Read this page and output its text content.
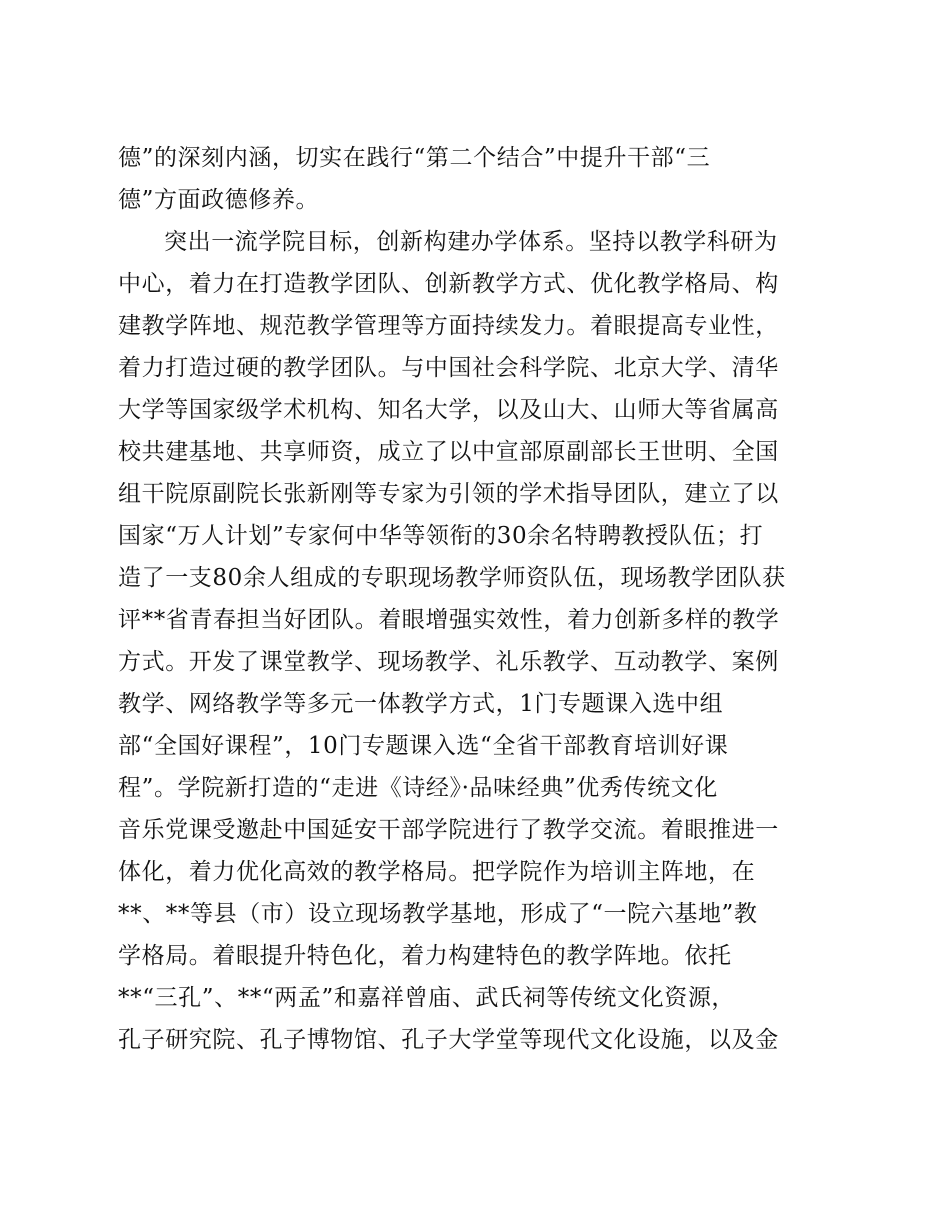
德”的深刻内涵，切实在践行“第二个结合”中提升干部“三
德”方面政德修养。
突出一流学院目标，创新构建办学体系。坚持以教学科研为
中心，着力在打造教学团队、创新教学方式、优化教学格局、构
建教学阵地、规范教学管理等方面持续发力。着眼提高专业性，
着力打造过硬的教学团队。与中国社会科学院、北京大学、清华
大学等国家级学术机构、知名大学，以及山大、山师大等省属高
校共建基地、共享师资，成立了以中宣部原副部长王世明、全国
组干院原副院长张新刚等专家为引领的学术指导团队，建立了以
国家“万人计划”专家何中华等领衔的30余名特聘教授队伍；打
造了一支80余人组成的专职现场教学师资队伍，现场教学团队获
评**省青春担当好团队。着眼增强实效性，着力创新多样的教学
方式。开发了课堂教学、现场教学、礼乐教学、互动教学、案例
教学、网络教学等多元一体教学方式，1门专题课入选中组
部“全国好课程”，10门专题课入选“全省干部教育培训好课
程”。学院新打造的“走进《诗经》·品味经典”优秀传统文化
音乐党课受邀赴中国延安干部学院进行了教学交流。着眼推进一
体化，着力优化高效的教学格局。把学院作为培训主阵地，在
**、**等县（市）设立现场教学基地，形成了“一院六基地”教
学格局。着眼提升特色化，着力构建特色的教学阵地。依托
**“三孔”、**“两孟”和嘉祥曾庙、武氏祠等传统文化资源，
孔子研究院、孔子博物馆、孔子大学堂等现代文化设施，以及金
